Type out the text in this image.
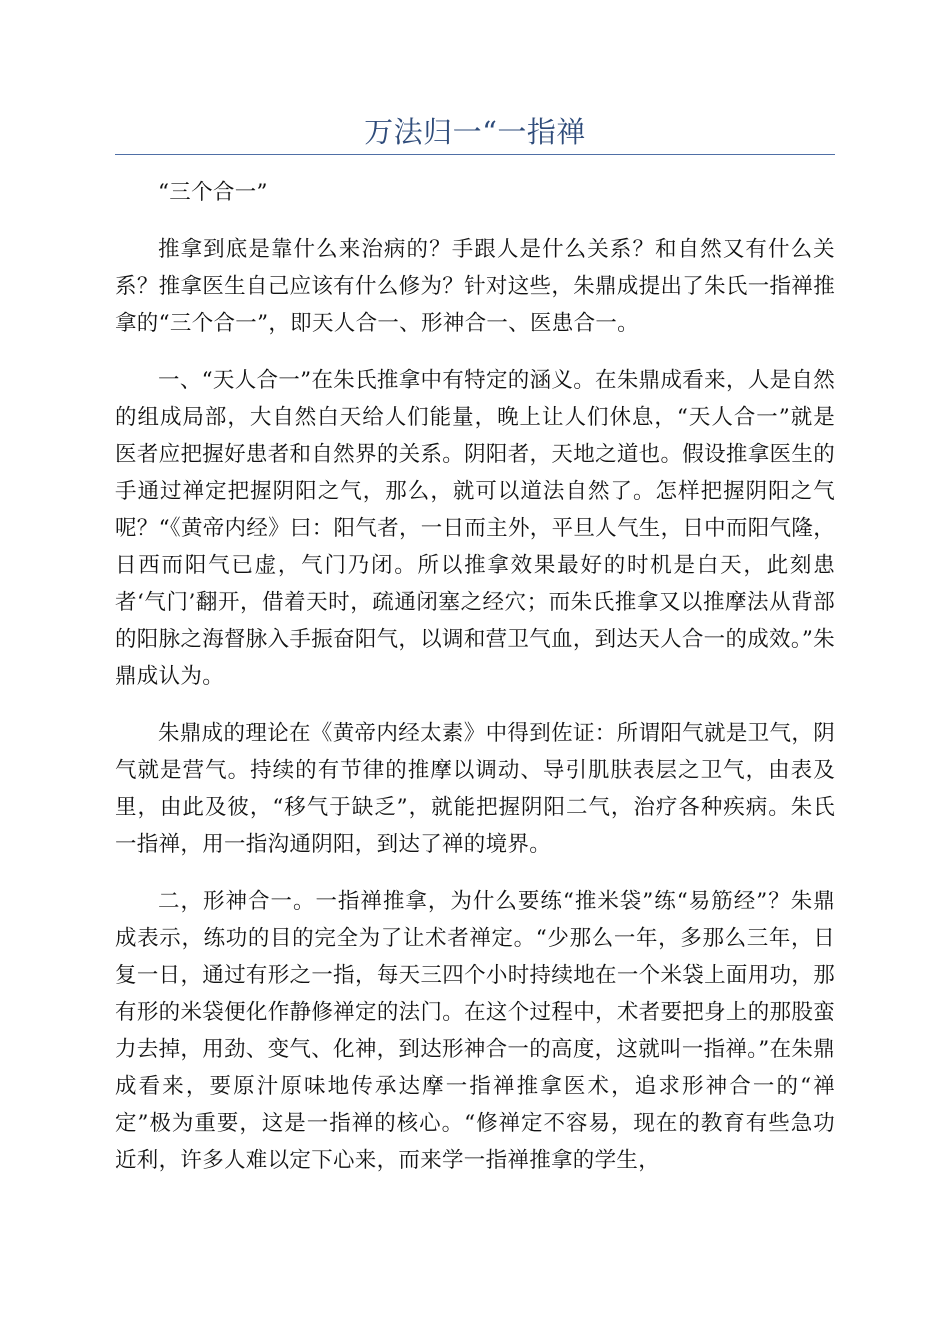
万法归一“一指禅

“三个合一”

推拿到底是靠什么来治病的？手跟人是什么关系？和自然又有什么关系？推拿医生自己应该有什么修为？针对这些，朱鼎成提出了朱氏一指禅推拿的“三个合一”，即天人合一、形神合一、医患合一。

一、“天人合一”在朱氏推拿中有特定的涵义。在朱鼎成看来，人是自然的组成局部，大自然白天给人们能量，晚上让人们休息，“天人合一”就是医者应把握好患者和自然界的关系。阴阳者，天地之道也。假设推拿医生的手通过禅定把握阴阳之气，那么，就可以道法自然了。怎样把握阴阳之气呢？“《黄帝内经》曰：阳气者，一日而主外，平旦人气生，日中而阳气隆，日西而阳气已虚，气门乃闭。所以推拿效果最好的时机是白天，此刻患者‘气门’翻开，借着天时，疏通闭塞之经穴；而朱氏推拿又以推摩法从背部的阳脉之海督脉入手振奋阳气，以调和营卫气血，到达天人合一的成效。”朱鼎成认为。

朱鼎成的理论在《黄帝内经太素》中得到佐证：所谓阳气就是卫气，阴气就是营气。持续的有节律的推摩以调动、导引肌肤表层之卫气，由表及里，由此及彼，“移气于缺乏”，就能把握阴阳二气，治疗各种疾病。朱氏一指禅，用一指沟通阴阳，到达了禅的境界。

二，形神合一。一指禅推拿，为什么要练“推米袋”练“易筋经”？朱鼎成表示，练功的目的完全为了让术者禅定。“少那么一年，多那么三年，日复一日，通过有形之一指，每天三四个小时持续地在一个米袋上面用功，那有形的米袋便化作静修禅定的法门。在这个过程中，术者要把身上的那股蛮力去掉，用劲、变气、化神，到达形神合一的高度，这就叫一指禅。”在朱鼎成看来，要原汁原味地传承达摩一指禅推拿医术，追求形神合一的“禅定”极为重要，这是一指禅的核心。“修禅定不容易，现在的教育有些急功近利，许多人难以定下心来，而来学一指禅推拿的学生，
